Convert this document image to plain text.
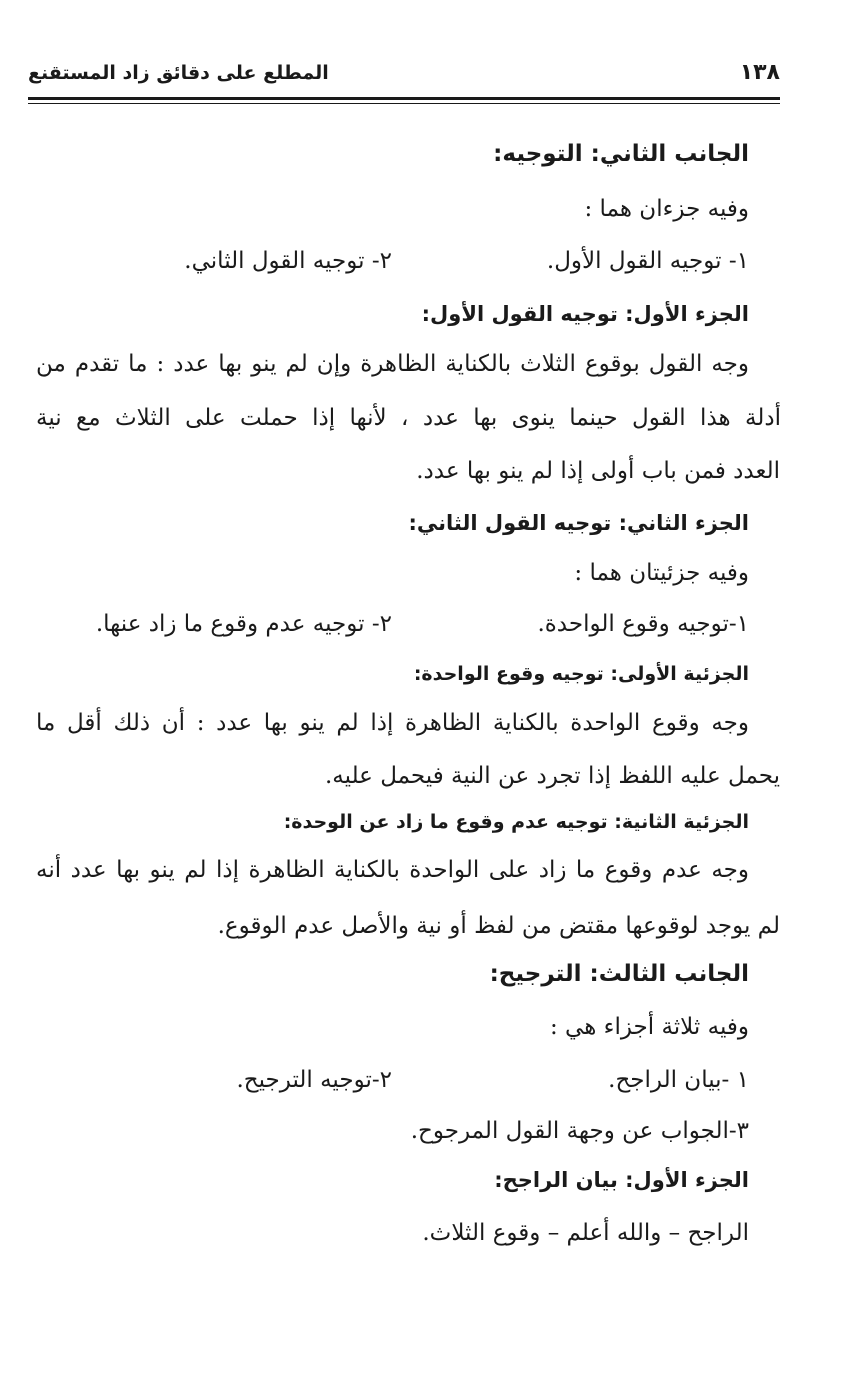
١٣٨
المطلع على دقائق زاد المستقنع
الجانب الثاني: التوجيه:
وفيه جزءان هما :
١- توجيه القول الأول.
٢- توجيه القول الثاني.
الجزء الأول: توجيه القول الأول:
وجه القول بوقوع الثلاث بالكناية الظاهرة وإن لم ينو بها عدد : ما تقدم من
أدلة هذا القول حينما ينوى بها عدد ، لأنها إذا حملت على الثلاث مع نية
العدد فمن باب أولى إذا لم ينو بها عدد.
الجزء الثاني: توجيه القول الثاني:
وفيه جزئيتان هما :
١-توجيه وقوع الواحدة.
٢- توجيه عدم وقوع ما زاد عنها.
الجزئية الأولى: توجيه وقوع الواحدة:
وجه وقوع الواحدة بالكناية الظاهرة إذا لم ينو بها عدد : أن ذلك أقل ما
يحمل عليه اللفظ إذا تجرد عن النية فيحمل عليه.
الجزئية الثانية: توجيه عدم وقوع ما زاد عن الوحدة:
وجه عدم وقوع ما زاد على الواحدة بالكناية الظاهرة إذا لم ينو بها عدد أنه
لم يوجد لوقوعها مقتض من لفظ أو نية والأصل عدم الوقوع.
الجانب الثالث: الترجيح:
وفيه ثلاثة أجزاء هي :
١ -بيان الراجح.
٢-توجيه الترجيح.
٣-الجواب عن وجهة القول المرجوح.
الجزء الأول: بيان الراجح:
الراجح – والله أعلم – وقوع الثلاث.
